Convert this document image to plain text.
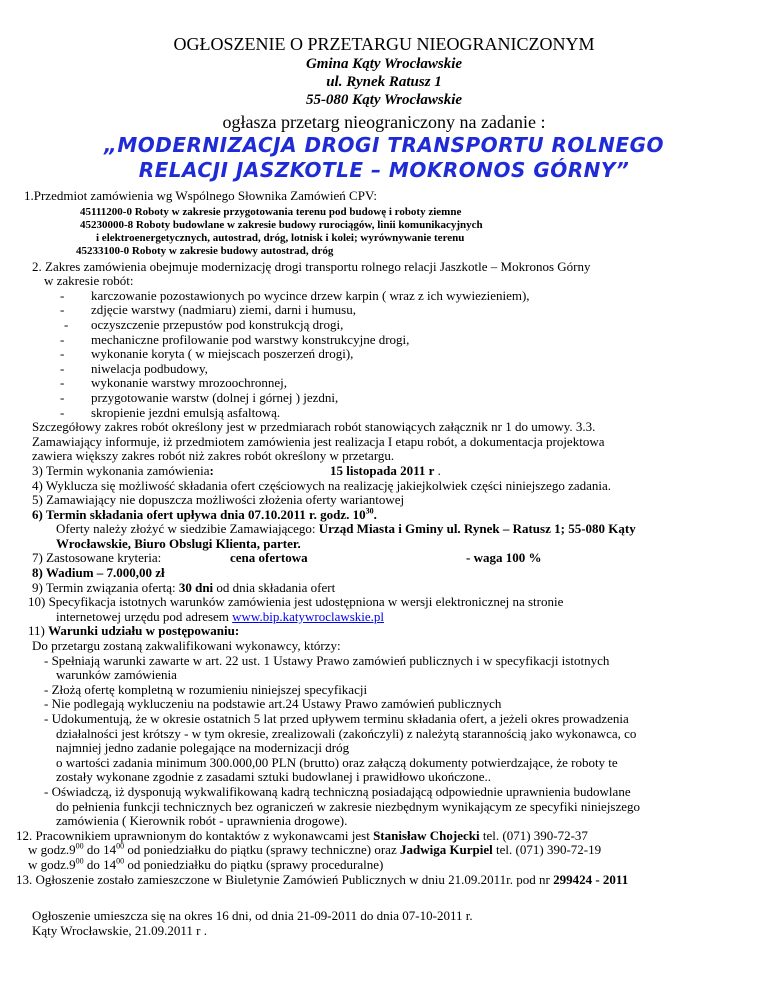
OGŁOSZENIE O PRZETARGU NIEOGRANICZONYM
Gmina Kąty Wrocławskie
ul. Rynek Ratusz 1
55-080 Kąty Wrocławskie
ogłasza przetarg nieograniczony na zadanie :
„MODERNIZACJA DROGI TRANSPORTU ROLNEGO
RELACJI JASZKOTLE – MOKRONOS GÓRNY”
1.Przedmiot zamówienia wg Wspólnego Słownika Zamówień CPV:
45111200-0 Roboty w zakresie przygotowania terenu pod budowę i roboty ziemne
45230000-8 Roboty budowlane w zakresie budowy rurociągów, linii komunikacyjnych
i elektroenergetycznych, autostrad, dróg, lotnisk i kolei; wyrównywanie terenu
45233100-0 Roboty w zakresie budowy autostrad, dróg
2. Zakres zamówienia obejmuje modernizację drogi transportu rolnego relacji Jaszkotle – Mokronos Górny
w zakresie robót:
- karczowanie pozostawionych po wycince drzew karpin ( wraz z ich wywiezieniem),

- zdjęcie warstwy (nadmiaru) ziemi, darni i humusu,

- oczyszczenie przepustów pod konstrukcją drogi,

- mechaniczne profilowanie pod warstwy konstrukcyjne drogi,

- wykonanie koryta ( w miejscach poszerzeń drogi),

- niwelacja podbudowy,

- wykonanie warstwy mrozoochronnej,

- przygotowanie warstw (dolnej i górnej ) jezdni,

- skropienie jezdni emulsją asfaltową.

Szczegółowy zakres robót określony jest w przedmiarach robót stanowiących załącznik nr 1 do umowy. 3.3.
Zamawiający informuje, iż przedmiotem zamówienia jest realizacja I etapu robót, a dokumentacja projektowa
zawiera większy zakres robót niż zakres robót określony w przetargu.
3) Termin wykonania zamówienia:	15 listopada 2011 r .

4) Wyklucza się możliwość składania ofert częściowych na realizację jakiejkolwiek części niniejszego zadania.
5) Zamawiający nie dopuszcza możliwości złożenia oferty wariantowej
6) Termin składania ofert upływa dnia 07.10.2011 r. godz. $10^{30}$.
Oferty należy złożyć w siedzibie Zamawiającego: Urząd Miasta i Gminy ul. Rynek – Ratusz 1; 55-080 Kąty
Wrocławskie, Biuro Obslugi Klienta, parter.
7) Zastosowane kryteria:	cena ofertowa	- waga 100 %

8) Wadium – 7.000,00 zł
9) Termin związania ofertą: 30 dni od dnia składania ofert
10) Specyfikacja istotnych warunków zamówienia jest udostępniona w wersji elektronicznej na stronie
internetowej urzędu pod adresem www.bip.katywroclawskie.pl
11) Warunki udziału w postępowaniu:
Do przetargu zostaną zakwalifikowani wykonawcy, którzy:
- Spełniają warunki zawarte w art. 22 ust. 1 Ustawy Prawo zamówień publicznych i w specyfikacji istotnych
warunków zamówienia
- Złożą ofertę kompletną w rozumieniu niniejszej specyfikacji
- Nie podlegają wykluczeniu na podstawie art.24 Ustawy Prawo zamówień publicznych
- Udokumentują, że w okresie ostatnich 5 lat przed upływem terminu składania ofert, a jeżeli okres prowadzenia
działalności jest krótszy - w tym okresie, zrealizowali (zakończyli) z należytą starannością jako wykonawca, co
najmniej jedno zadanie polegające na modernizacji dróg
o wartości zadania minimum 300.000,00 PLN (brutto) oraz załączą dokumenty potwierdzające, że roboty te
zostały wykonane zgodnie z zasadami sztuki budowlanej i prawidłowo ukończone..
- Oświadczą, iż dysponują wykwalifikowaną kadrą techniczną posiadającą odpowiednie uprawnienia budowlane
do pełnienia funkcji technicznych bez ograniczeń w zakresie niezbędnym wynikającym ze specyfiki niniejszego
zamówienia ( Kierownik robót - uprawnienia drogowe).
12. Pracownikiem uprawnionym do kontaktów z wykonawcami jest Stanisław Chojecki tel. (071) 390-72-37
w $godz.9^{00}$ do $14^{00}$ od poniedziałku do piątku (sprawy techniczne) oraz Jadwiga Kurpiel tel. (071) 390-72-19
w $godz.9^{00}$ do $14^{00}$ od poniedziałku do piątku (sprawy proceduralne)
13. Ogłoszenie zostało zamieszczone w Biuletynie Zamówień Publicznych w dniu 21.09.2011r. pod nr 299424 - 2011
Ogłoszenie umieszcza się na okres 16 dni, od dnia 21-09-2011 do dnia 07-10-2011 r.
Kąty Wrocławskie, 21.09.2011 r .
